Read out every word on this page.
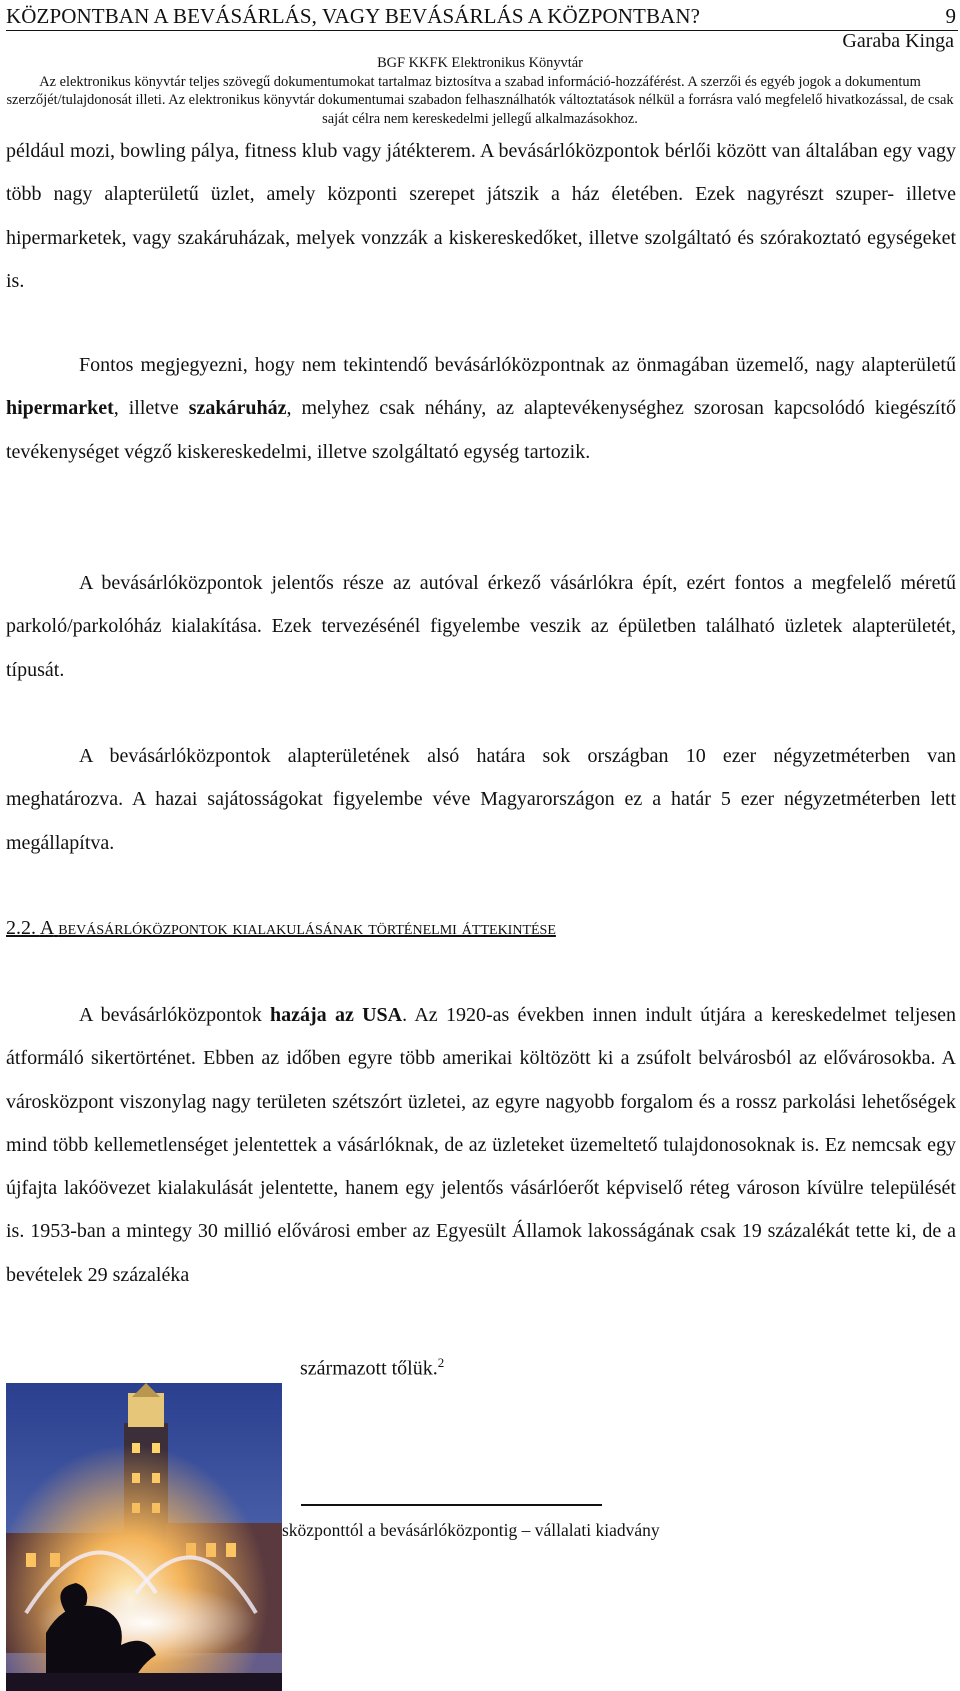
KÖZPONTBAN A BEVÁSÁRLÁS, VAGY BEVÁSÁRLÁS A KÖZPONTBAN?	9
Garaba Kinga
BGF KKFK Elektronikus Könyvtár
Az elektronikus könyvtár teljes szövegű dokumentumokat tartalmaz biztosítva a szabad információ-hozzáférést. A szerzői és egyéb jogok a dokumentum szerzőjét/tulajdonosát illeti. Az elektronikus könyvtár dokumentumai szabadon felhasználhatók változtatások nélkül a forrásra való megfelelő hivatkozással, de csak saját célra nem kereskedelmi jellegű alkalmazásokhoz.

például mozi, bowling pálya, fitness klub vagy játékterem. A bevásárlóközpontok bérlői között van általában egy vagy több nagy alapterületű üzlet, amely központi szerepet játszik a ház életében. Ezek nagyrészt szuper- illetve hipermarketek, vagy szakáruházak, melyek vonzzák a kiskereskedőket, illetve szolgáltató és szórakoztató egységeket is.

Fontos megjegyezni, hogy nem tekintendő bevásárlóközpontnak az önmagában üzemelő, nagy alapterületű hipermarket, illetve szakáruház, melyhez csak néhány, az alaptevékenységhez szorosan kapcsolódó kiegészítő tevékenységet végző kiskereskedelmi, illetve szolgáltató egység tartozik.

A bevásárlóközpontok jelentős része az autóval érkező vásárlókra épít, ezért fontos a megfelelő méretű parkoló/parkolóház kialakítása. Ezek tervezésénél figyelembe veszik az épületben található üzletek alapterületét, típusát.

A bevásárlóközpontok alapterületének alsó határa sok országban 10 ezer négyzetméterben van meghatározva. A hazai sajátosságokat figyelembe véve Magyarországon ez a határ 5 ezer négyzetméterben lett megállapítva.

2.2. A bevásárlóközpontok kialakulásának történelmi áttekintése

A bevásárlóközpontok hazája az USA. Az 1920-as években innen indult útjára a kereskedelmet teljesen átformáló sikertörténet. Ebben az időben egyre több amerikai költözött ki a zsúfolt belvárosból az elővárosokba. A városközpont viszonylag nagy területen szétszórt üzletei, az egyre nagyobb forgalom és a rossz parkolási lehetőségek mind több kellemetlenséget jelentettek a vásárlóknak, de az üzleteket üzemeltető tulajdonosoknak is. Ez nemcsak egy újfajta lakóövezet kialakulását jelentette, hanem egy jelentős vásárlóerőt képviselő réteg városon kívülre települését is. 1953-ban a mintegy 30 millió elővárosi ember az Egyesült Államok lakosságának csak 19 százalékát tette ki, de a bevételek 29 százaléka

származott tőlük.$^2$
sközponttól a bevásárlóközpontig – vállalati kiadvány
